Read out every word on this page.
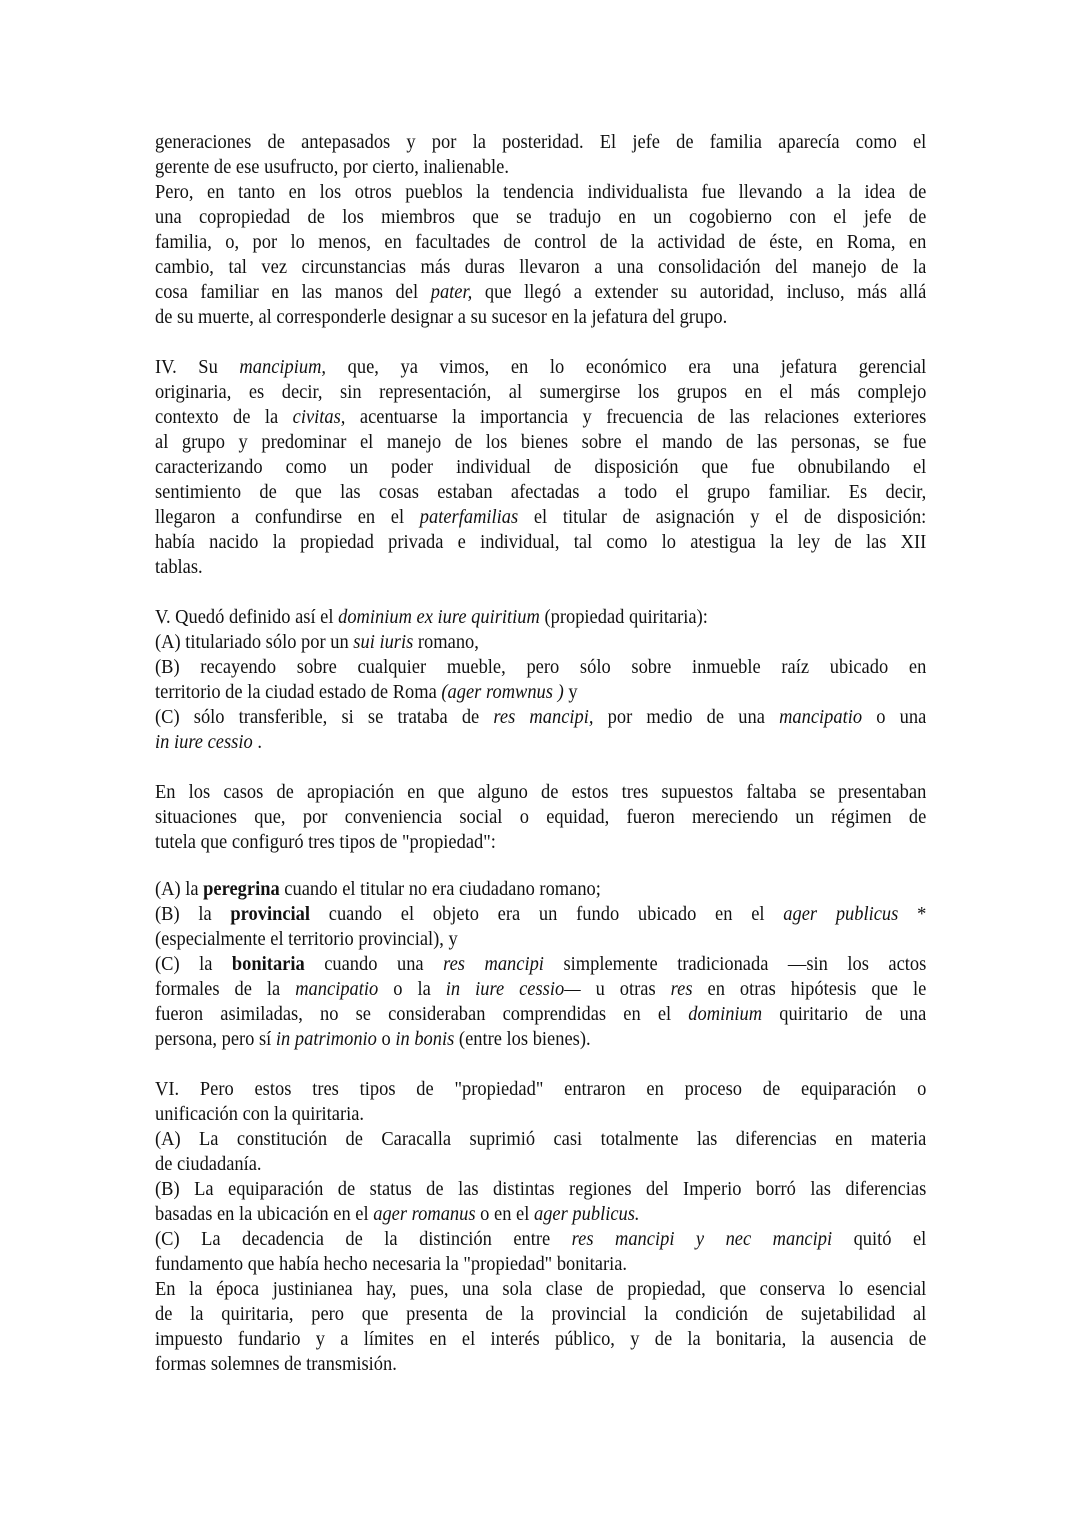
generaciones de antepasados y por la posteridad. El jefe de familia aparecía como el
gerente de ese usufructo, por cierto, inalienable.
Pero, en tanto en los otros pueblos la tendencia individualista fue llevando a la idea de
una copropiedad de los miembros que se tradujo en un cogobierno con el jefe de
familia, o, por lo menos, en facultades de control de la actividad de éste, en Roma, en
cambio, tal vez circunstancias más duras llevaron a una consolidación del manejo de la
cosa familiar en las manos del pater, que llegó a extender su autoridad, incluso, más allá
de su muerte, al corresponderle designar a su sucesor en la jefatura del grupo.
IV. Su mancipium, que, ya vimos, en lo económico era una jefatura gerencial
originaria, es decir, sin representación, al sumergirse los grupos en el más complejo
contexto de la civitas, acentuarse la importancia y frecuencia de las relaciones exteriores
al grupo y predominar el manejo de los bienes sobre el mando de las personas, se fue
caracterizando como un poder individual de disposición que fue obnubilando el
sentimiento de que las cosas estaban afectadas a todo el grupo familiar. Es decir,
llegaron a confundirse en el paterfamilias el titular de asignación y el de disposición:
había nacido la propiedad privada e individual, tal como lo atestigua la ley de las XII
tablas.
V. Quedó definido así el dominium ex iure quiritium (propiedad quiritaria):
(A) titulariado sólo por un sui iuris romano,
(B) recayendo sobre cualquier mueble, pero sólo sobre inmueble raíz ubicado en
territorio de la ciudad estado de Roma (ager romwnus ) y
(C) sólo transferible, si se trataba de res mancipi, por medio de una mancipatio o una
in iure cessio .
En los casos de apropiación en que alguno de estos tres supuestos faltaba se presentaban
situaciones que, por conveniencia social o equidad, fueron mereciendo un régimen de
tutela que configuró tres tipos de "propiedad":
(A) la peregrina cuando el titular no era ciudadano romano;
(B) la provincial cuando el objeto era un fundo ubicado en el ager publicus *
(especialmente el territorio provincial), y
(C) la bonitaria cuando una res mancipi simplemente tradicionada —sin los actos
formales de la mancipatio o la in iure cessio— u otras res en otras hipótesis que le
fueron asimiladas, no se consideraban comprendidas en el dominium quiritario de una
persona, pero sí in patrimonio o in bonis (entre los bienes).
VI. Pero estos tres tipos de "propiedad" entraron en proceso de equiparación o
unificación con la quiritaria.
(A) La constitución de Caracalla suprimió casi totalmente las diferencias en materia
de ciudadanía.
(B) La equiparación de status de las distintas regiones del Imperio borró las diferencias
basadas en la ubicación en el ager romanus o en el ager publicus.
(C) La decadencia de la distinción entre res mancipi y nec mancipi quitó el
fundamento que había hecho necesaria la "propiedad" bonitaria.
En la época justinianea hay, pues, una sola clase de propiedad, que conserva lo esencial
de la quiritaria, pero que presenta de la provincial la condición de sujetabilidad al
impuesto fundario y a límites en el interés público, y de la bonitaria, la ausencia de
formas solemnes de transmisión.
